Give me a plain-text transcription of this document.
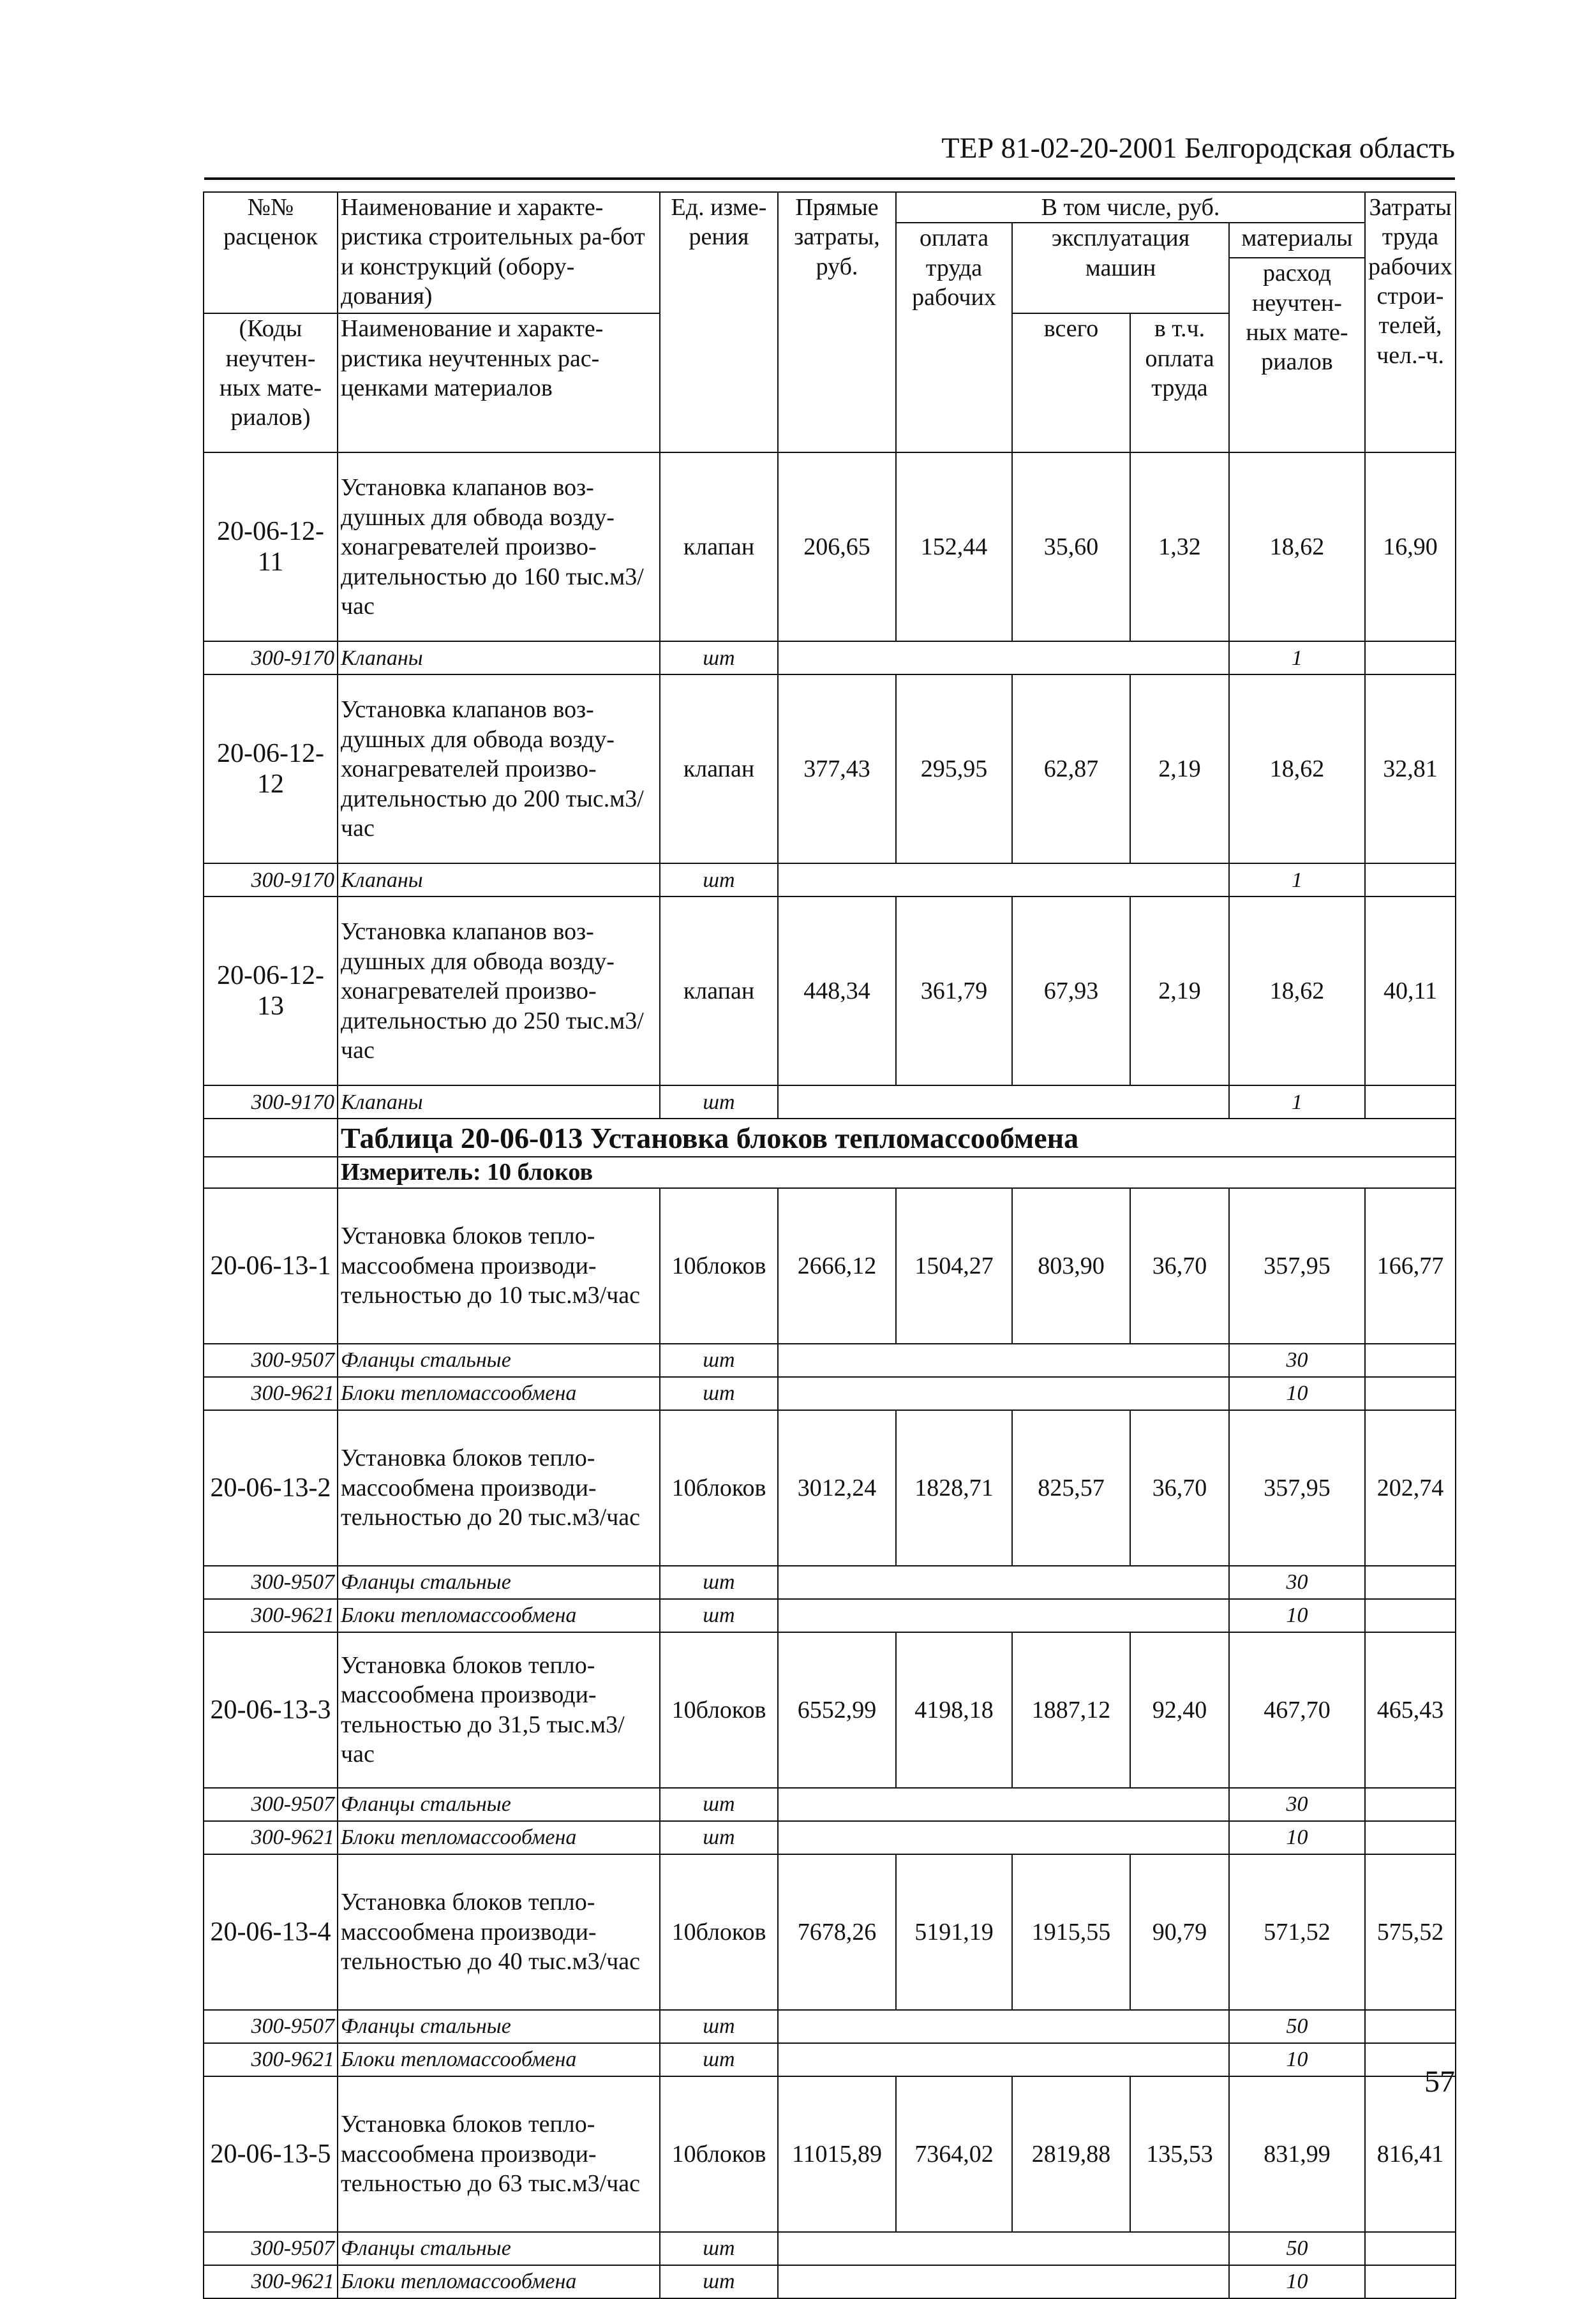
ТЕР 81-02-20-2001 Белгородская область
№№ расценок	Наименование и характе-ристика строительных ра-бот и конструкций (обору-дования)	Ед. изме-рения	Прямые затраты, руб.	В том числе, руб.				Затраты труда рабочих строи-телей, чел.-ч.
				оплата труда рабочих	эксплуатация машин		материалы	
							расход неучтен-ных мате-риалов	
(Коды неучтен-ных мате-риалов)	Наименование и характе-ристика неучтенных рас-ценками материалов				всего	в т.ч. оплата труда		

20-06-12-11	Установка клапанов воз-душных для обвода возду-хонагревателей произво-дительностью до 160 тыс.м3/час	клапан	206,65	152,44	35,60	1,32	18,62	16,90
300-9170	Клапаны	шт					1	
20-06-12-12	Установка клапанов воз-душных для обвода возду-хонагревателей произво-дительностью до 200 тыс.м3/час	клапан	377,43	295,95	62,87	2,19	18,62	32,81
300-9170	Клапаны	шт					1	
20-06-12-13	Установка клапанов воз-душных для обвода возду-хонагревателей произво-дительностью до 250 тыс.м3/час	клапан	448,34	361,79	67,93	2,19	18,62	40,11
300-9170	Клапаны	шт					1	
	Таблица 20-06-013 Установка блоков тепломассообмена							
	Измеритель: 10 блоков							
20-06-13-1	Установка блоков тепло-массообмена производи-тельностью до 10 тыс.м3/час	10блоков	2666,12	1504,27	803,90	36,70	357,95	166,77
300-9507	Фланцы стальные	шт					30	
300-9621	Блоки тепломассообмена	шт					10	
20-06-13-2	Установка блоков тепло-массообмена производи-тельностью до 20 тыс.м3/час	10блоков	3012,24	1828,71	825,57	36,70	357,95	202,74
300-9507	Фланцы стальные	шт					30	
300-9621	Блоки тепломассообмена	шт					10	
20-06-13-3	Установка блоков тепло-массообмена производи-тельностью до 31,5 тыс.м3/час	10блоков	6552,99	4198,18	1887,12	92,40	467,70	465,43
300-9507	Фланцы стальные	шт					30	
300-9621	Блоки тепломассообмена	шт					10	
20-06-13-4	Установка блоков тепло-массообмена производи-тельностью до 40 тыс.м3/час	10блоков	7678,26	5191,19	1915,55	90,79	571,52	575,52
300-9507	Фланцы стальные	шт					50	
300-9621	Блоки тепломассообмена	шт					10	
20-06-13-5	Установка блоков тепло-массообмена производи-тельностью до 63 тыс.м3/час	10блоков	11015,89	7364,02	2819,88	135,53	831,99	816,41
300-9507	Фланцы стальные	шт					50	
300-9621	Блоки тепломассообмена	шт					10	
57
